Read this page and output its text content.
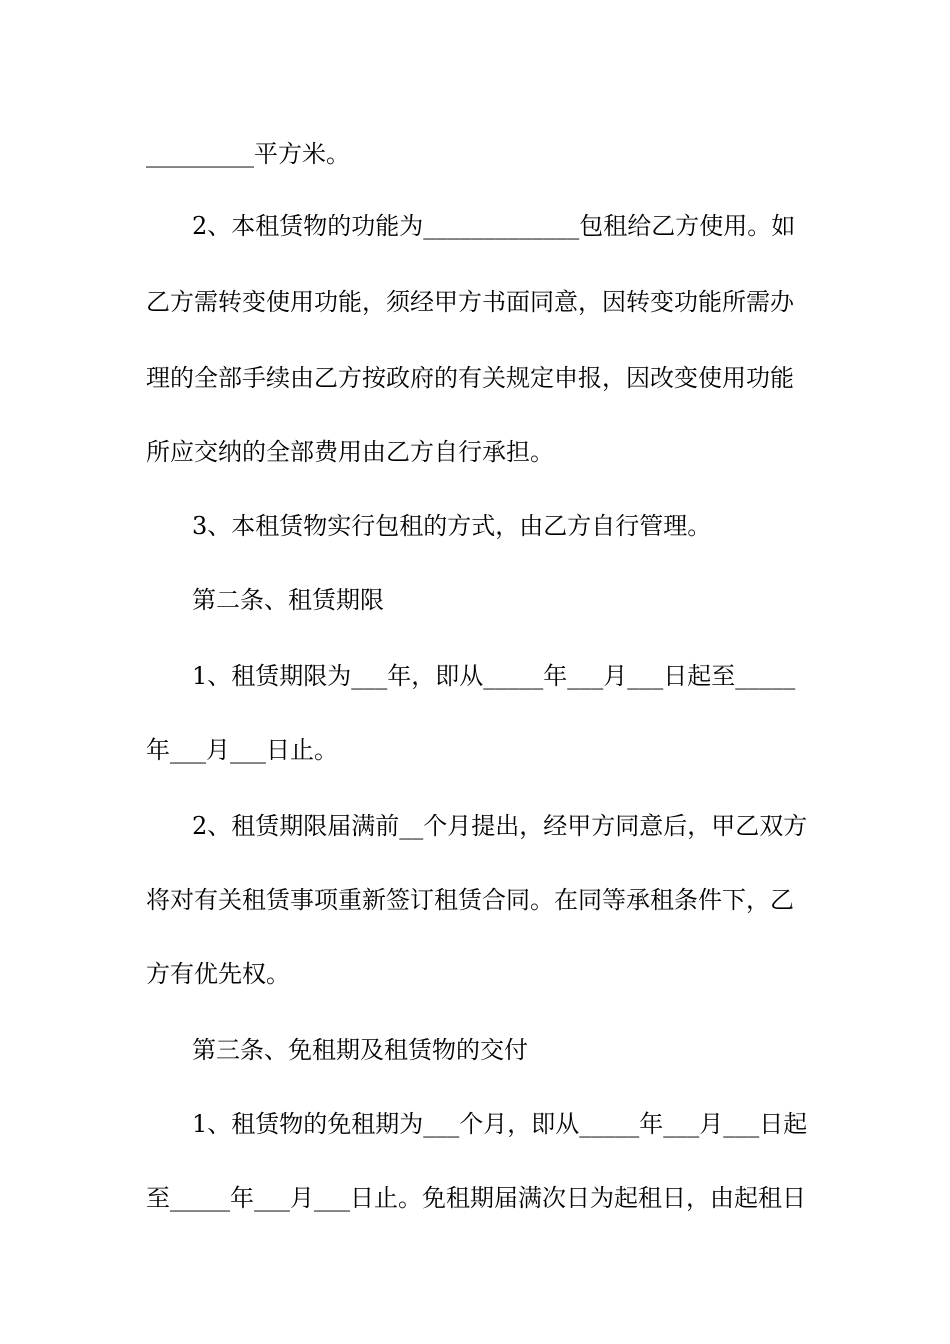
_________平方米。
2、本租赁物的功能为_____________包租给乙方使用。如
乙方需转变使用功能，须经甲方书面同意，因转变功能所需办
理的全部手续由乙方按政府的有关规定申报，因改变使用功能
所应交纳的全部费用由乙方自行承担。
3、本租赁物实行包租的方式，由乙方自行管理。
第二条、租赁期限
1、租赁期限为___年，即从_____年___月___日起至_____
年___月___日止。
2、租赁期限届满前__个月提出，经甲方同意后，甲乙双方
将对有关租赁事项重新签订租赁合同。在同等承租条件下，乙
方有优先权。
第三条、免租期及租赁物的交付
1、租赁物的免租期为___个月，即从_____年___月___日起
至_____年___月___日止。免租期届满次日为起租日，由起租日
